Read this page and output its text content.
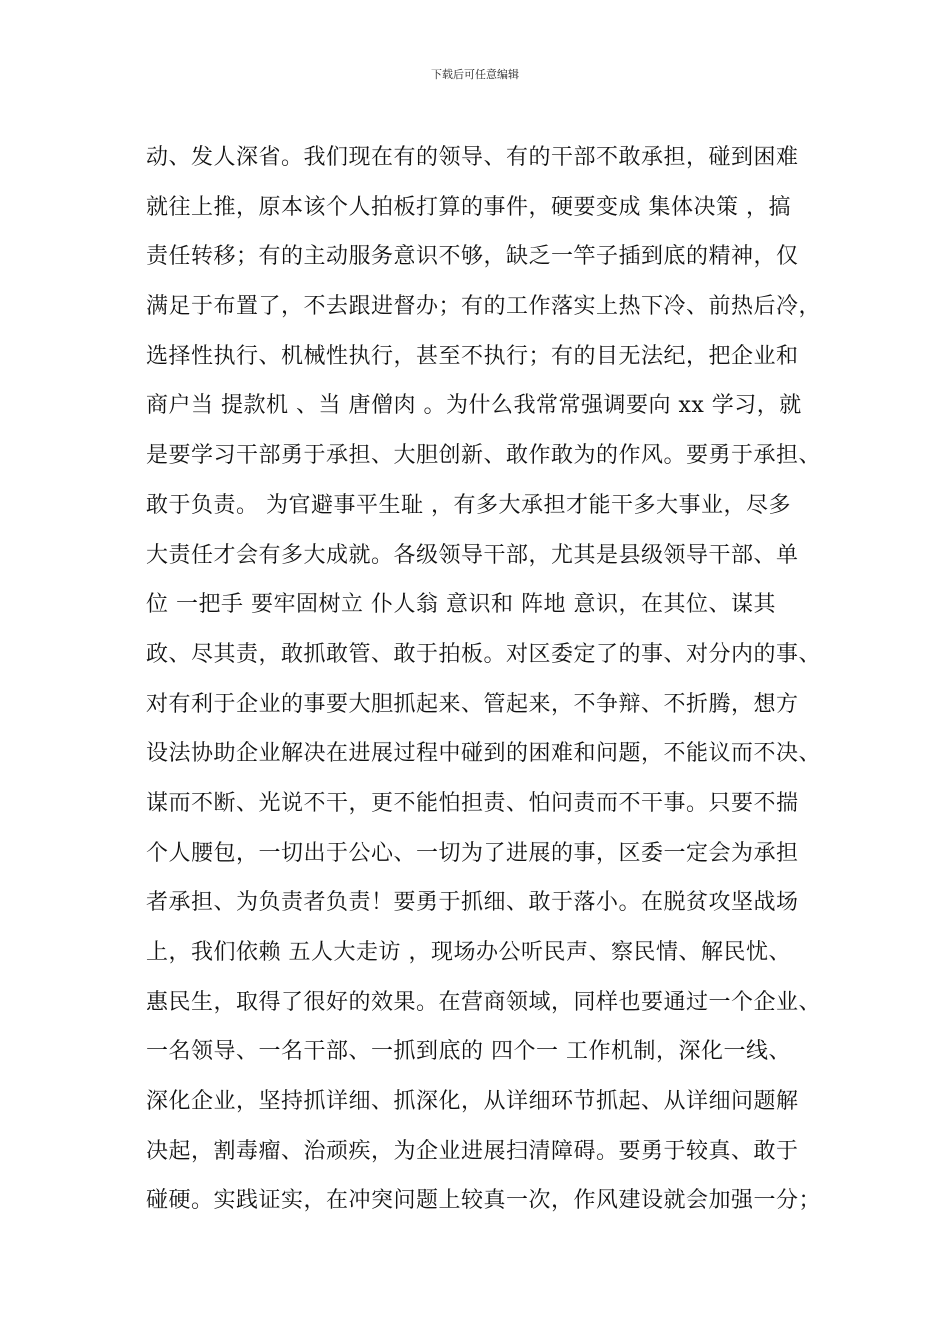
下载后可任意编辑
动、发人深省。我们现在有的领导、有的干部不敢承担，碰到困难
就往上推，原本该个人拍板打算的事件，硬要变成 集体决策 ，搞
责任转移；有的主动服务意识不够，缺乏一竿子插到底的精神，仅
满足于布置了，不去跟进督办；有的工作落实上热下冷、前热后冷，
选择性执行、机械性执行，甚至不执行；有的目无法纪，把企业和
商户当 提款机 、当 唐僧肉 。为什么我常常强调要向 xx 学习，就
是要学习干部勇于承担、大胆创新、敢作敢为的作风。要勇于承担、
敢于负责。 为官避事平生耻 ，有多大承担才能干多大事业，尽多
大责任才会有多大成就。各级领导干部，尤其是县级领导干部、单
位 一把手 要牢固树立 仆人翁 意识和 阵地 意识，在其位、谋其
政、尽其责，敢抓敢管、敢于拍板。对区委定了的事、对分内的事、
对有利于企业的事要大胆抓起来、管起来，不争辩、不折腾，想方
设法协助企业解决在进展过程中碰到的困难和问题，不能议而不决、
谋而不断、光说不干，更不能怕担责、怕问责而不干事。只要不揣
个人腰包，一切出于公心、一切为了进展的事，区委一定会为承担
者承担、为负责者负责！要勇于抓细、敢于落小。在脱贫攻坚战场
上，我们依赖 五人大走访 ，现场办公听民声、察民情、解民忧、
惠民生，取得了很好的效果。在营商领域，同样也要通过一个企业、
一名领导、一名干部、一抓到底的 四个一 工作机制，深化一线、
深化企业，坚持抓详细、抓深化，从详细环节抓起、从详细问题解
决起，割毒瘤、治顽疾，为企业进展扫清障碍。要勇于较真、敢于
碰硬。实践证实，在冲突问题上较真一次，作风建设就会加强一分；
